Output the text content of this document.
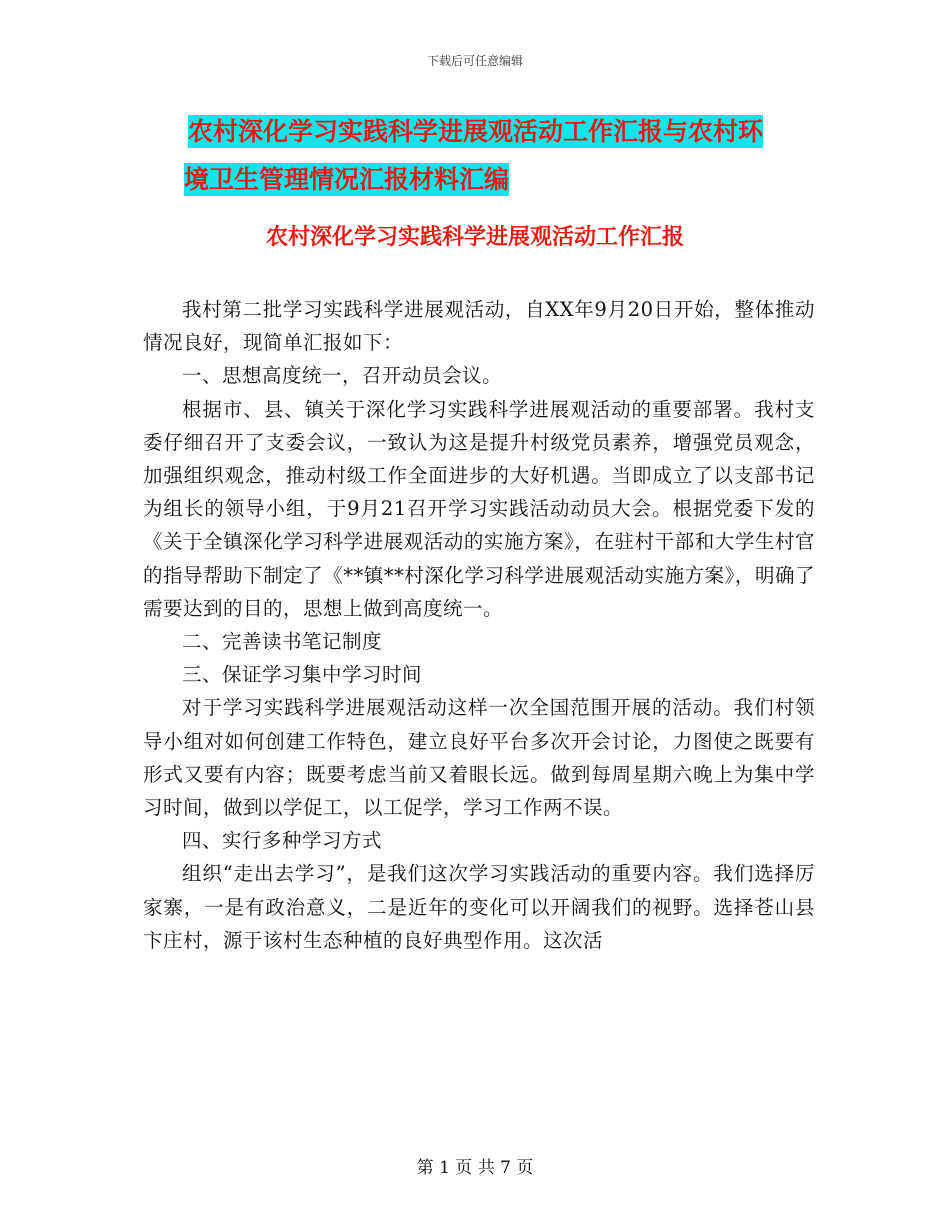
下载后可任意编辑
农村深化学习实践科学进展观活动工作汇报与农村环
境卫生管理情况汇报材料汇编
农村深化学习实践科学进展观活动工作汇报

我村第二批学习实践科学进展观活动，自XX年9月20日开始，整体推动情况良好，现简单汇报如下：

一、思想高度统一，召开动员会议。

根据市、县、镇关于深化学习实践科学进展观活动的重要部署。我村支委仔细召开了支委会议，一致认为这是提升村级党员素养，增强党员观念，加强组织观念，推动村级工作全面进步的大好机遇。当即成立了以支部书记为组长的领导小组，于9月21召开学习实践活动动员大会。根据党委下发的《关于全镇深化学习科学进展观活动的实施方案》，在驻村干部和大学生村官的指导帮助下制定了《**镇**村深化学习科学进展观活动实施方案》，明确了需要达到的目的，思想上做到高度统一。

二、完善读书笔记制度

三、保证学习集中学习时间

对于学习实践科学进展观活动这样一次全国范围开展的活动。我们村领导小组对如何创建工作特色，建立良好平台多次开会讨论，力图使之既要有形式又要有内容；既要考虑当前又着眼长远。做到每周星期六晚上为集中学习时间，做到以学促工，以工促学，学习工作两不误。

四、实行多种学习方式

组织“走出去学习”，是我们这次学习实践活动的重要内容。我们选择厉家寨，一是有政治意义，二是近年的变化可以开阔我们的视野。选择苍山县卞庄村，源于该村生态种植的良好典型作用。这次活

第 1 页 共 7 页
